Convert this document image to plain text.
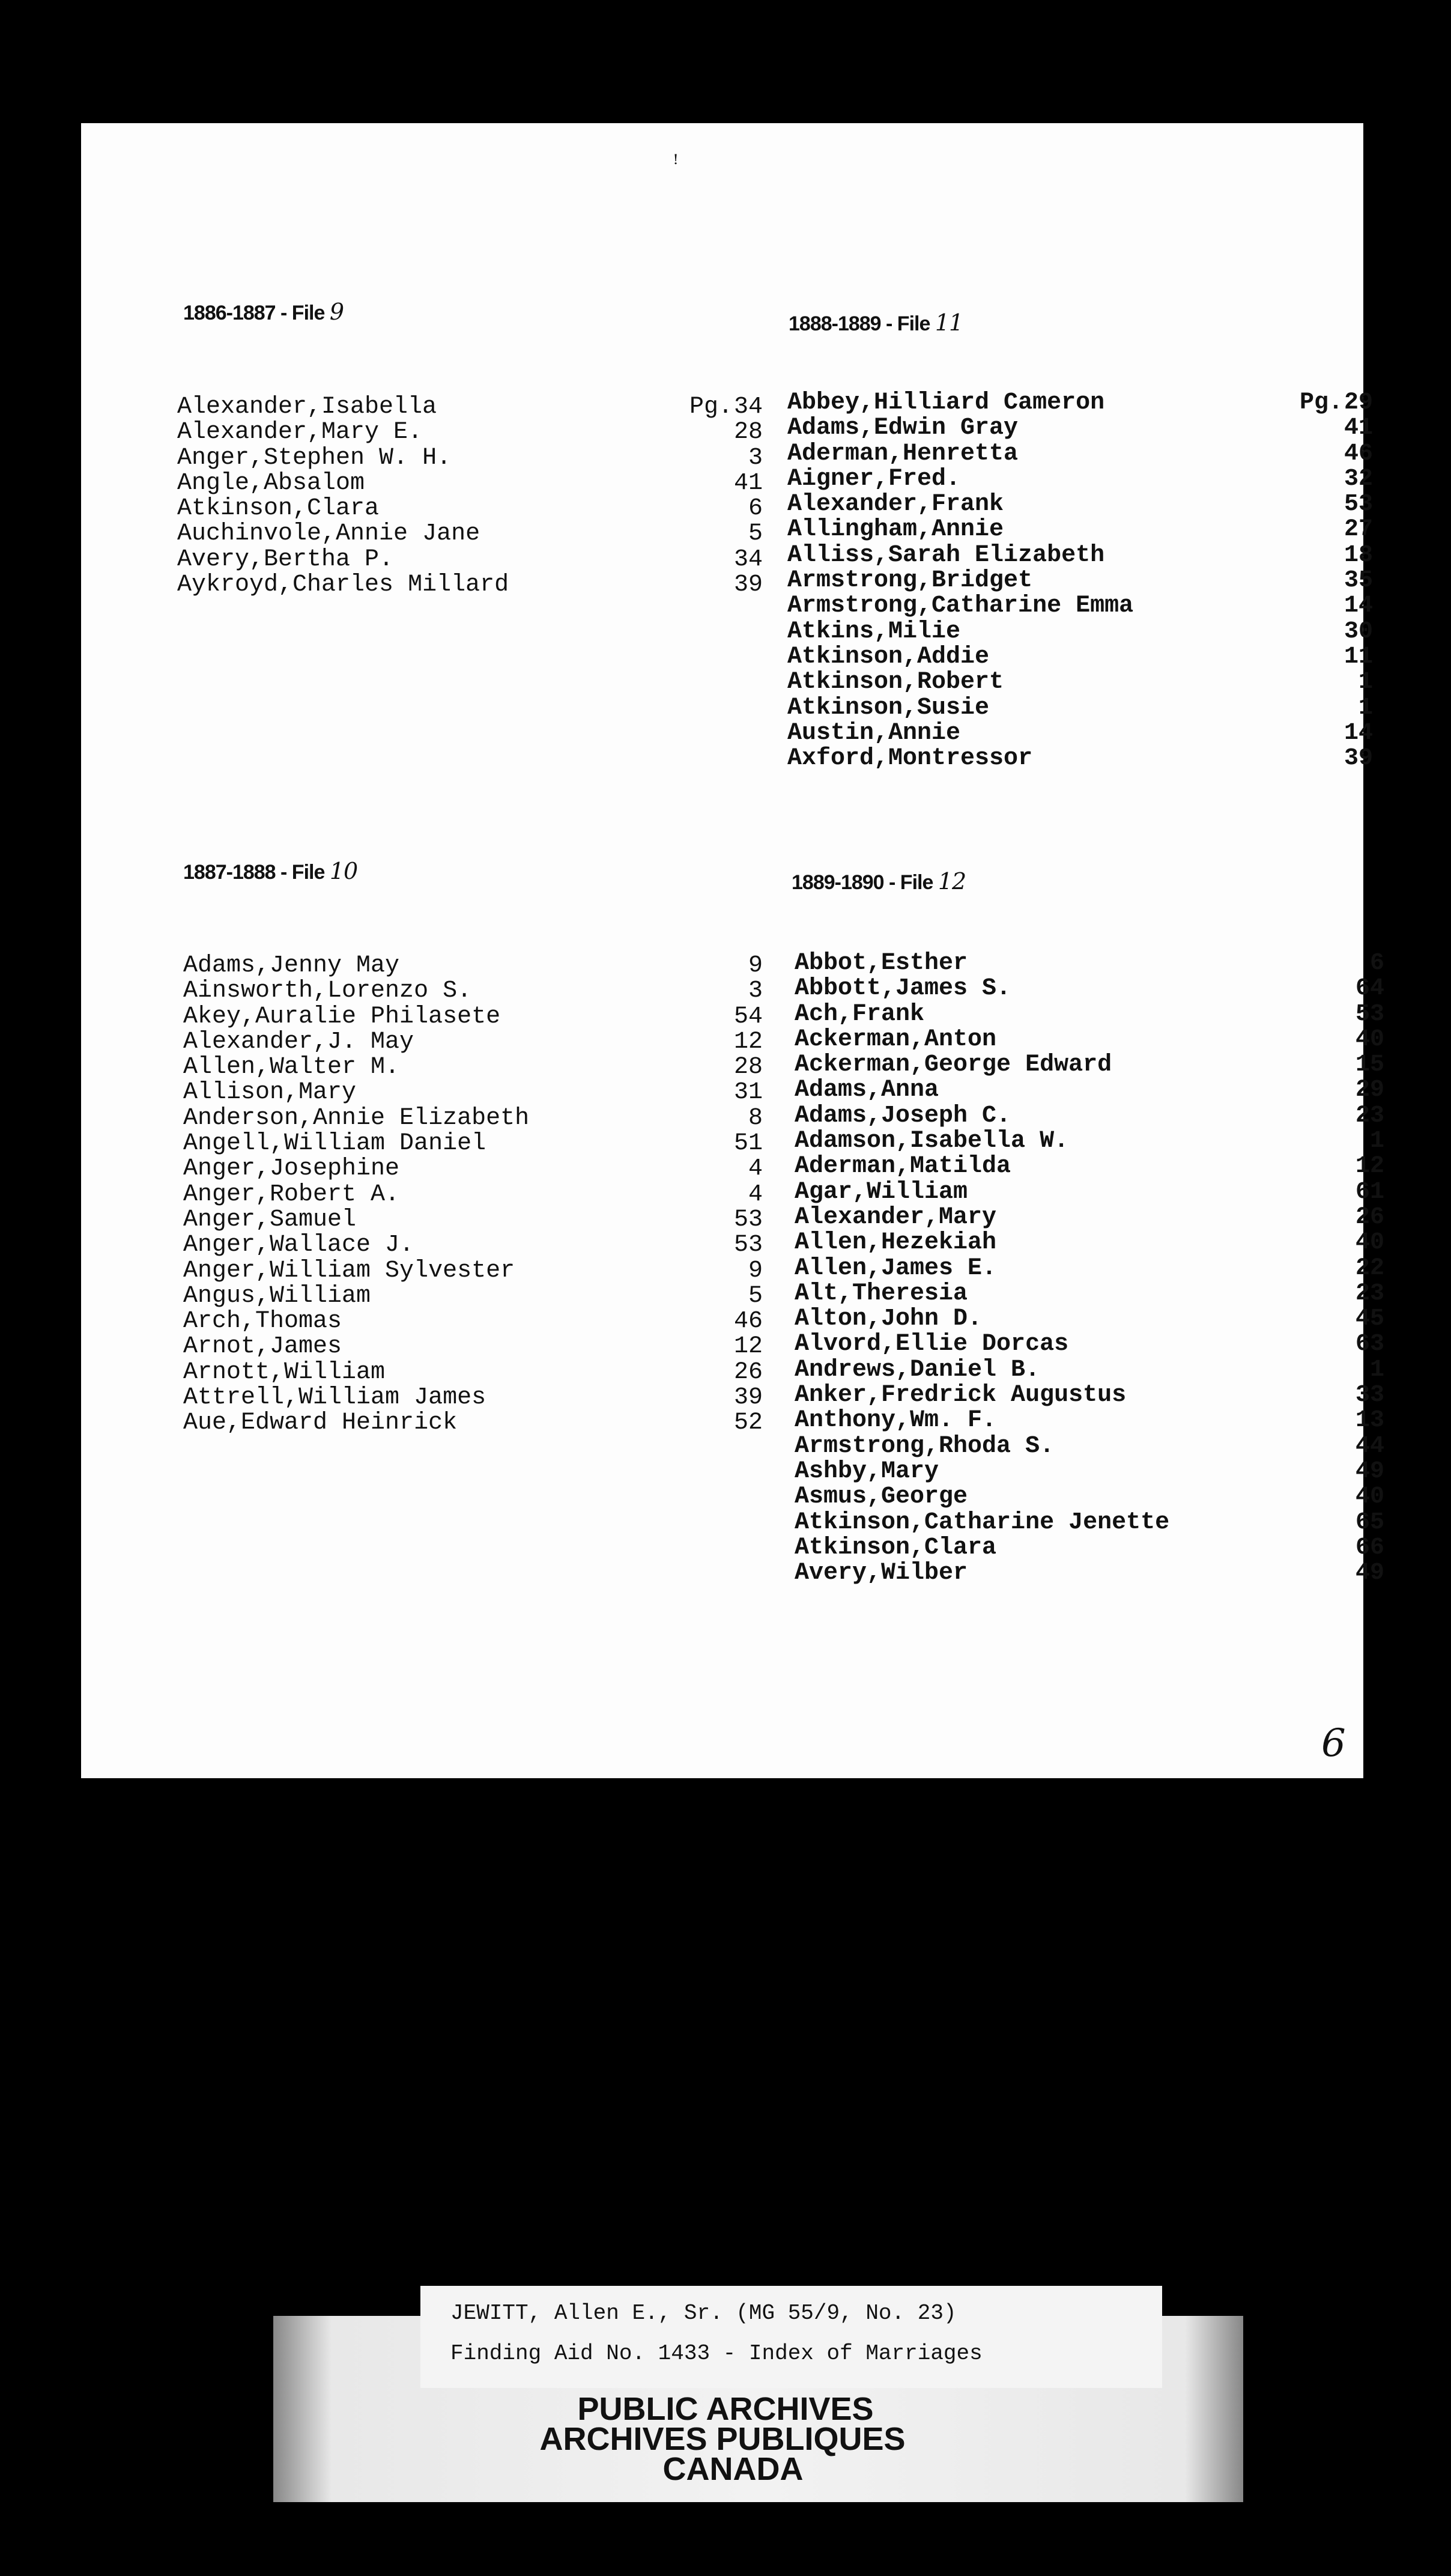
ꜝ
1886-1887 - File 9
Alexander,Isabella	Pg.34
Alexander,Mary E.	28
Anger,Stephen W. H.	3
Angle,Absalom	41
Atkinson,Clara	6
Auchinvole,Annie Jane	5
Avery,Bertha P.	34
Aykroyd,Charles Millard	39
1888-1889 - File 11
Abbey,Hilliard Cameron	Pg.29
Adams,Edwin Gray	41
Aderman,Henretta	46
Aigner,Fred.	32
Alexander,Frank	53
Allingham,Annie	27
Alliss,Sarah Elizabeth	18
Armstrong,Bridget	35
Armstrong,Catharine Emma	14
Atkins,Milie	30
Atkinson,Addie	11
Atkinson,Robert	1
Atkinson,Susie	1
Austin,Annie	14
Axford,Montressor	39
1887-1888 - File 10
Adams,Jenny May	9
Ainsworth,Lorenzo S.	3
Akey,Auralie Philasete	54
Alexander,J. May	12
Allen,Walter M.	28
Allison,Mary	31
Anderson,Annie Elizabeth	8
Angell,William Daniel	51
Anger,Josephine	4
Anger,Robert A.	4
Anger,Samuel	53
Anger,Wallace J.	53
Anger,William Sylvester	9
Angus,William	5
Arch,Thomas	46
Arnot,James	12
Arnott,William	26
Attrell,William James	39
Aue,Edward Heinrick	52
1889-1890 - File 12
Abbot,Esther	6
Abbott,James S.	64
Ach,Frank	53
Ackerman,Anton	40
Ackerman,George Edward	15
Adams,Anna	29
Adams,Joseph C.	23
Adamson,Isabella W.	1
Aderman,Matilda	12
Agar,William	61
Alexander,Mary	26
Allen,Hezekiah	40
Allen,James E.	22
Alt,Theresia	23
Alton,John D.	45
Alvord,Ellie Dorcas	63
Andrews,Daniel B.	1
Anker,Fredrick Augustus	33
Anthony,Wm. F.	13
Armstrong,Rhoda S.	44
Ashby,Mary	49
Asmus,George	40
Atkinson,Catharine Jenette	65
Atkinson,Clara	66
Avery,Wilber	49
6
JEWITT, Allen E., Sr. (MG 55/9, No. 23)
Finding Aid No. 1433 - Index of Marriages
PUBLIC ARCHIVES
ARCHIVES PUBLIQUES
CANADA
